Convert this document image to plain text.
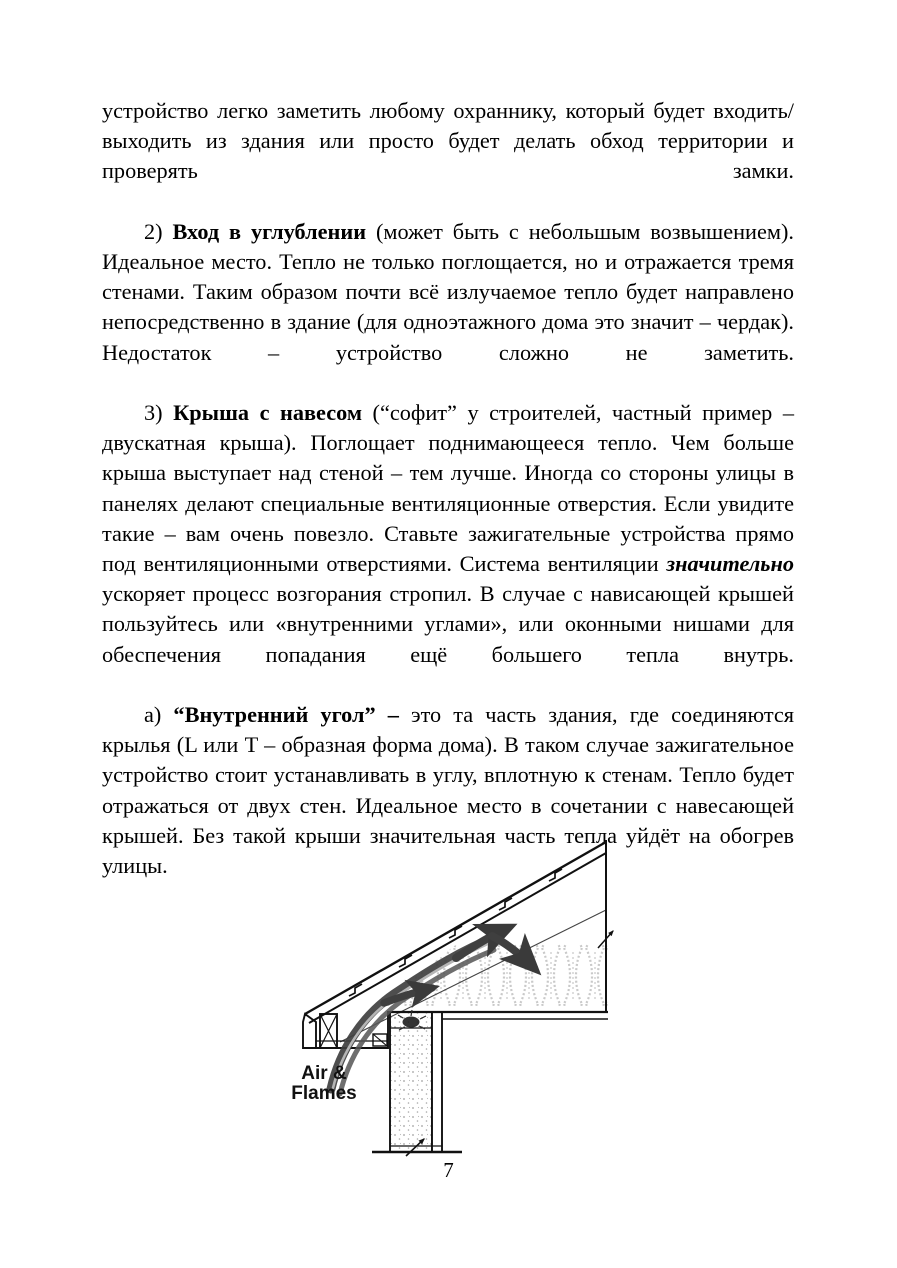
устройство легко заметить любому охраннику, который будет входить/выходить из здания или просто будет делать обход территории и проверять замки.

2) Вход в углублении (может быть с небольшым возвышением). Идеальное место. Тепло не только поглощается, но и отражается тремя стенами. Таким образом почти всё излучаемое тепло будет направлено непосредственно в здание (для одноэтажного дома это значит – чердак). Недостаток – устройство сложно не заметить.

3) Крыша с навесом (“софит” у строителей, частный пример – двускатная крыша). Поглощает поднимающееся тепло. Чем больше крыша выступает над стеной – тем лучше. Иногда со стороны улицы в панелях делают специальные вентиляционные отверстия. Если увидите такие – вам очень повезло. Ставьте зажигательные устройства прямо под вентиляционными отверстиями. Система вентиляции значительно ускоряет процесс возгорания стропил. В случае с нависающей крышей пользуйтесь или «внутренними углами», или оконными нишами для обеспечения попадания ещё большего тепла внутрь.

а) “Внутренний угол” – это та часть здания, где соединяются крылья (L или T – образная форма дома). В таком случае зажигательное устройство стоит устанавливать в углу, вплотную к стенам. Тепло будет отражаться от двух стен. Идеальное место в сочетании с навесающей крышей. Без такой крыши значительная часть тепла уйдёт на обогрев улицы.

Air &
Flames
7
